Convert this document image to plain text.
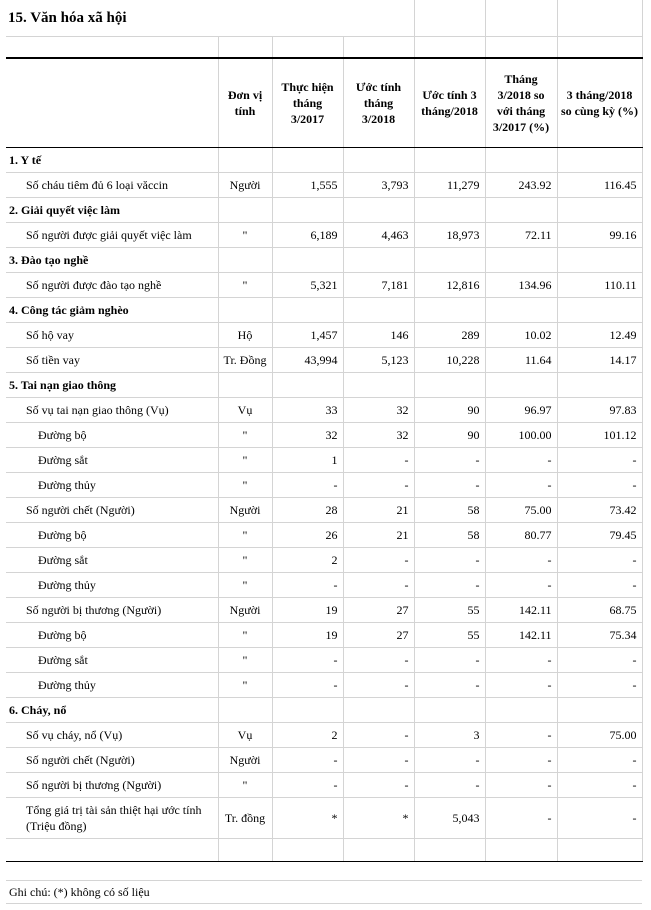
15. Văn hóa xã hội						

	Đơn vị tính	Thực hiện tháng 3/2017	Ước tính tháng 3/2018	Ước tính 3 tháng/2018	Tháng 3/2018 so với tháng 3/2017 (%)	3 tháng/2018 so cùng kỳ (%)
1. Y tế						
Số cháu tiêm đủ 6 loại văccin	Người	1,555	3,793	11,279	243.92	116.45
2. Giải quyết việc làm						
Số người được giải quyết việc làm	"	6,189	4,463	18,973	72.11	99.16
3. Đào tạo nghề						
Số người được đào tạo nghề	"	5,321	7,181	12,816	134.96	110.11
4. Công tác giảm nghèo						
Số hộ vay	Hộ	1,457	146	289	10.02	12.49
Số tiền vay	Tr. Đồng	43,994	5,123	10,228	11.64	14.17
5. Tai nạn giao thông						
Số vụ tai nạn giao thông (Vụ)	Vụ	33	32	90	96.97	97.83
Đường bộ	"	32	32	90	100.00	101.12
Đường sắt	"	1	-	-	-	-
Đường thủy	"	-	-	-	-	-
Số người chết (Người)	Người	28	21	58	75.00	73.42
Đường bộ	"	26	21	58	80.77	79.45
Đường sắt	"	2	-	-	-	-
Đường thủy	"	-	-	-	-	-
Số người bị thương (Người)	Người	19	27	55	142.11	68.75
Đường bộ	"	19	27	55	142.11	75.34
Đường sắt	"	-	-	-	-	-
Đường thủy	"	-	-	-	-	-
6. Cháy, nổ						
Số vụ cháy, nổ (Vụ)	Vụ	2	-	3	-	75.00
Số người chết (Người)	Người	-	-	-	-	-
Số người bị thương (Người)	"	-	-	-	-	-
Tổng giá trị tài sản thiệt hại ước tính (Triệu đồng)	Tr. đồng	*	*	5,043	-	-

Ghi chú: (*) không có số liệu						
